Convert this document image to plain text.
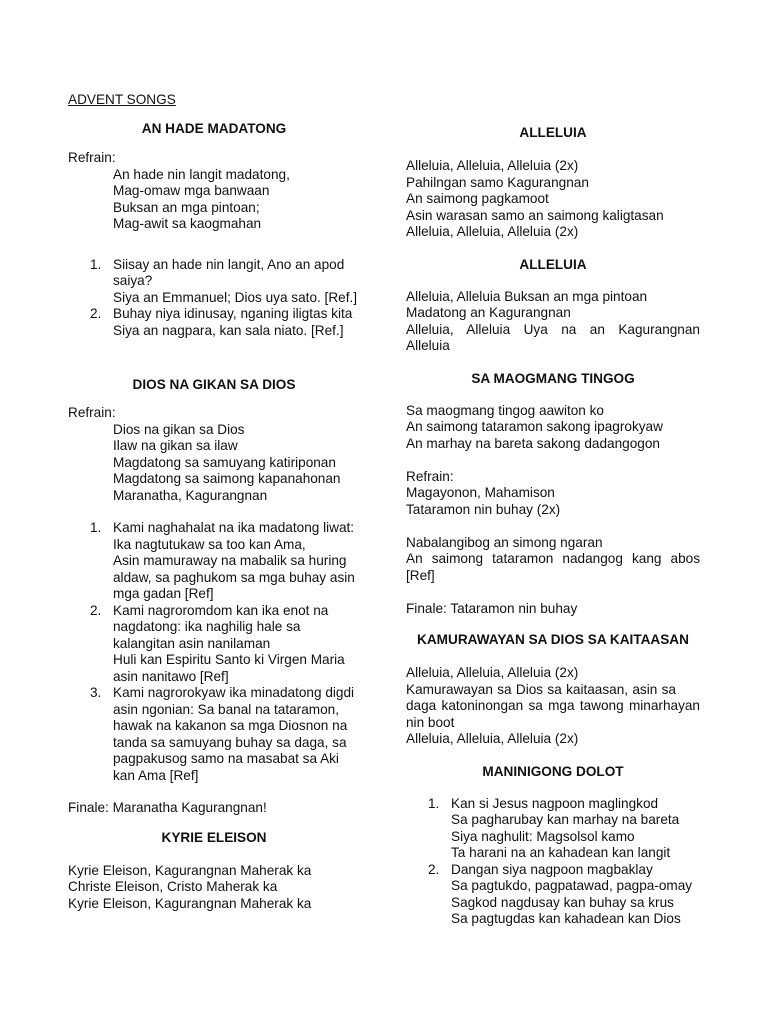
ADVENT SONGS
AN HADE MADATONG
Refrain:
An hade nin langit madatong,
Mag-omaw mga banwaan
Buksan an mga pintoan;
Mag-awit sa kaogmahan
1. Siisay an hade nin langit, Ano an apod
saiya?
Siya an Emmanuel; Dios uya sato. [Ref.]
2. Buhay niya idinusay, nganing iligtas kita
Siya an nagpara, kan sala niato. [Ref.]
DIOS NA GIKAN SA DIOS
Refrain:
Dios na gikan sa Dios
Ilaw na gikan sa ilaw
Magdatong sa samuyang katiriponan
Magdatong sa saimong kapanahonan
Maranatha, Kagurangnan
1. Kami naghahalat na ika madatong liwat:
Ika nagtutukaw sa too kan Ama,
Asin mamuraway na mabalik sa huring
aldaw, sa paghukom sa mga buhay asin
mga gadan [Ref]
2. Kami nagroromdom kan ika enot na
nagdatong: ika naghilig hale sa
kalangitan asin nanilaman
Huli kan Espiritu Santo ki Virgen Maria
asin nanitawo [Ref]
3. Kami nagrorokyaw ika minadatong digdi
asin ngonian: Sa banal na tataramon,
hawak na kakanon sa mga Diosnon na
tanda sa samuyang buhay sa daga, sa
pagpakusog samo na masabat sa Aki
kan Ama [Ref]
Finale: Maranatha Kagurangnan!
KYRIE ELEISON
Kyrie Eleison, Kagurangnan Maherak ka
Christe Eleison, Cristo Maherak ka
Kyrie Eleison, Kagurangnan Maherak ka
ALLELUIA
Alleluia, Alleluia, Alleluia (2x)
Pahilngan samo Kagurangnan
An saimong pagkamoot
Asin warasan samo an saimong kaligtasan
Alleluia, Alleluia, Alleluia (2x)
ALLELUIA
Alleluia, Alleluia Buksan an mga pintoan
Madatong an Kagurangnan
Alleluia, Alleluia Uya na an Kagurangnan
Alleluia
SA MAOGMANG TINGOG
Sa maogmang tingog aawiton ko
An saimong tataramon sakong ipagrokyaw
An marhay na bareta sakong dadangogon
Refrain:
Magayonon, Mahamison
Tataramon nin buhay (2x)
Nabalangibog an simong ngaran
An saimong tataramon nadangog kang abos
[Ref]
Finale: Tataramon nin buhay
KAMURAWAYAN SA DIOS SA KAITAASAN
Alleluia, Alleluia, Alleluia (2x)
Kamurawayan sa Dios sa kaitaasan, asin sa
daga katoninongan sa mga tawong minarhayan
nin boot
Alleluia, Alleluia, Alleluia (2x)
MANINIGONG DOLOT
1. Kan si Jesus nagpoon maglingkod
Sa pagharubay kan marhay na bareta
Siya naghulit: Magsolsol kamo
Ta harani na an kahadean kan langit
2. Dangan siya nagpoon magbaklay
Sa pagtukdo, pagpatawad, pagpa-omay
Sagkod nagdusay kan buhay sa krus
Sa pagtugdas kan kahadean kan Dios
